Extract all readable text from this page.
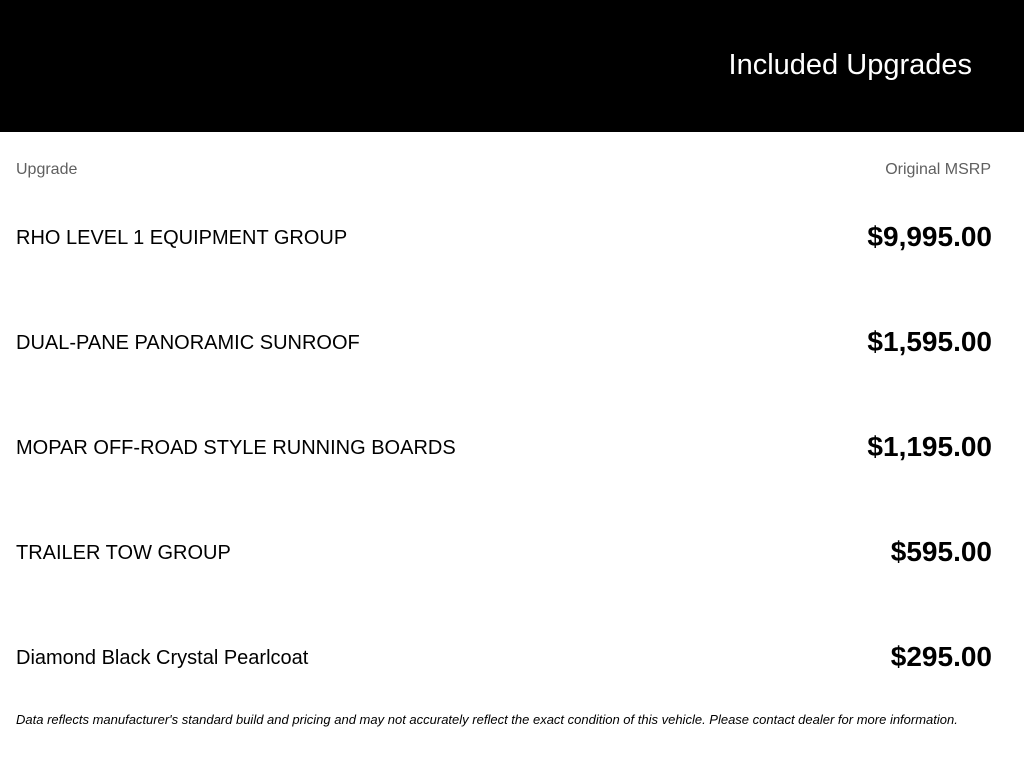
Included Upgrades
Upgrade	Original MSRP
RHO LEVEL 1 EQUIPMENT GROUP	$9,995.00
DUAL-PANE PANORAMIC SUNROOF	$1,595.00
MOPAR OFF-ROAD STYLE RUNNING BOARDS	$1,195.00
TRAILER TOW GROUP	$595.00
Diamond Black Crystal Pearlcoat	$295.00
Data reflects manufacturer's standard build and pricing and may not accurately reflect the exact condition of this vehicle. Please contact dealer for more information.
